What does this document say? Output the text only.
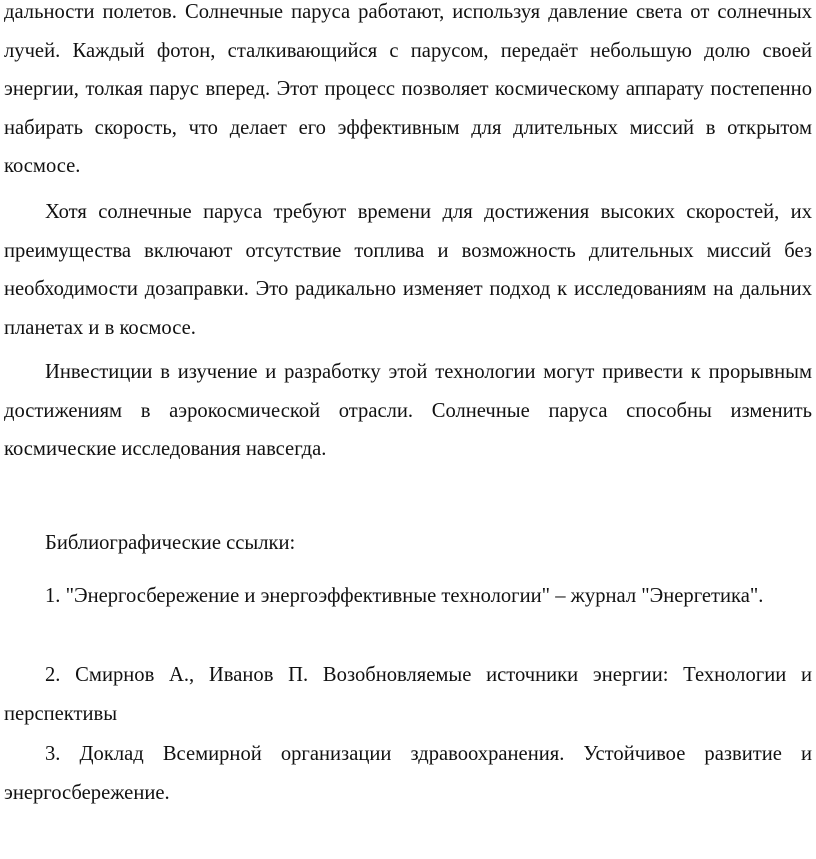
дальности полетов. Солнечные паруса работают, используя давление света от солнечных лучей. Каждый фотон, сталкивающийся с парусом, передаёт небольшую долю своей энергии, толкая парус вперед. Этот процесс позволяет космическому аппарату постепенно набирать скорость, что делает его эффективным для длительных миссий в открытом космосе.

Хотя солнечные паруса требуют времени для достижения высоких скоростей, их преимущества включают отсутствие топлива и возможность длительных миссий без необходимости дозаправки. Это радикально изменяет подход к исследованиям на дальних планетах и в космосе.

Инвестиции в изучение и разработку этой технологии могут привести к прорывным достижениям в аэрокосмической отрасли. Солнечные паруса способны изменить космические исследования навсегда.

Библиографические ссылки:

1. "Энергосбережение и энергоэффективные технологии" – журнал "Энергетика".

2. Смирнов А., Иванов П. Возобновляемые источники энергии: Технологии и перспективы

3. Доклад Всемирной организации здравоохранения. Устойчивое развитие и энергосбережение.
